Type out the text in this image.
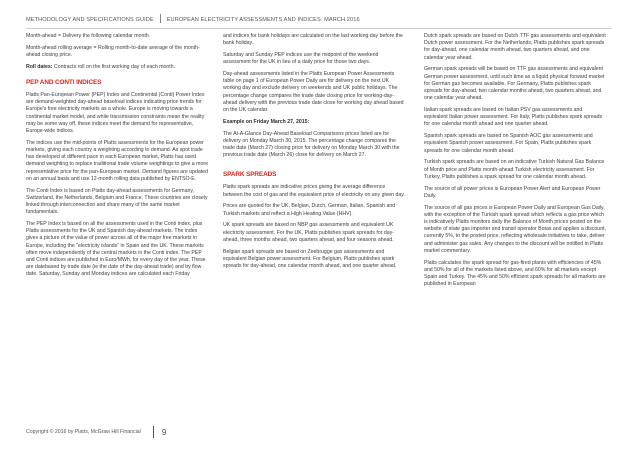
METHODOLOGY AND SPECIFICATIONS GUIDE EUROPEAN ELECTRICITY ASSESSMENTS AND INDICES: MARCH 2016

Month-ahead = Delivery the following calendar month.

Month-ahead rolling average = Rolling month-to-date average of the month-ahead closing price.

Roll dates: Contracts roll on the first working day of each month.

PEP AND CONTI INDICES

Platts Pan-European Power (PEP) Index and Continental (Conti) Power Index are demand-weighted day-ahead baseload indices indicating price trends for Europe's free electricity markets as a whole. Europe is moving towards a continental market model, and while transmission constraints mean the reality may be some way off, these indices meet the demand for representative, Europe-wide indices.

The indices use the mid-points of Platts assessments for the European power markets, giving each country a weighting according to demand. As spot trade has developed at different pace in each European market, Platts has used demand weighting to replace traditional trade volume weightings to give a more representative price for the pan-European market. Demand figures are updated on an annual basis and use 12-month rolling data published by ENTSO-E.

The Conti Index is based on Platts day-ahead assessments for Germany, Switzerland, the Netherlands, Belgium and France. These countries are closely linked through interconnection and share many of the same market fundamentals.

The PEP Index is based on all the assessments used in the Conti index, plus Platts assessments for the UK and Spanish day-ahead markets. The index gives a picture of the value of power across all of the major free markets in Europe, including the "electricity islands" in Spain and the UK. These markets often move independently of the central markets in the Conti index. The PEP and Conti indices are published in Euro/MWh, for every day of the year. These are datebased by trade date (ie the date of the day-ahead trade) and by flow date. Saturday, Sunday and Monday indices are calculated each Friday

and indices for bank holidays are calculated on the last working day before the bank holiday.

Saturday and Sunday PEP indices use the midpoint of the weekend assessment for the UK in lieu of a daily price for those two days.

Day-ahead assessments listed in the Platts European Power Assessments table on page 1 of European Power Daily are for delivery on the next UK working day and exclude delivery on weekends and UK public holidays. The percentage change compares the trade date closing price for working-day-ahead delivery with the previous trade date close for working day ahead based on the UK calendar.

Example on Friday March 27, 2015:

The At-A-Glance Day-Ahead Baseload Comparisons prices listed are for delivery on Monday March 30, 2015. The percentage change compares the trade date (March 27) closing price for delivery on Monday March 30 with the previous trade date (March 26) close for delivery on March 27.

SPARK SPREADS

Platts spark spreads are indicative prices giving the average difference between the cost of gas and the equivalent price of electricity on any given day.

Prices are quoted for the UK, Belgian, Dutch, German, Italian, Spanish and Turkish markets and reflect a High Heating Value (HHV).

UK spark spreads are based on NBP gas assessments and equivalent UK electricity assessment. For the UK, Platts publishes spark spreads for day-ahead, three months ahead, two quarters ahead, and four seasons ahead.

Belgian spark spreads are based on Zeebrugge gas assessments and equivalent Belgian power assessment. For Belgium, Platts publishes spark spreads for day-ahead, one calendar month ahead, and one quarter ahead.

Dutch spark spreads are based on Dutch TTF gas assessments and equivalent Dutch power assessment. For the Netherlands, Platts publishes spark spreads for day-ahead, one calendar month ahead, two quarters ahead, and one calendar year ahead.

German spark spreads will be based on TTF gas assessments and equivalent German power assessment, until such time as a liquid physical forward market for German gas becomes available. For Germany, Platts publishes spark spreads for day-ahead, two calendar months ahead, two quarters ahead, and one calendar year ahead.

Italian spark spreads are based on Italian PSV gas assessments and equivalent Italian power assessment. For Italy, Platts publishes spark spreads for one calendar month ahead and one quarter ahead.

Spanish spark spreads are based on Spanish AOC gas assessments and equivalent Spanish power assessment. For Spain, Platts publishes spark spreads for one calendar month ahead.

Turkish spark spreads are based on an indicative Turkish Natural Gas Balance of Month price and Platts month-ahead Turkish electricity assessment. For Turkey, Platts publishes a spark spread for one calendar month ahead.

The source of all power prices is European Power Alert and European Power Daily.

The source of all gas prices is European Power Daily and European Gas Daily, with the exception of the Turkish spark spread which reflects a gas price which is indicatively Platts monitors daily the Balance of Month prices posted on the website of state gas importer and transit operator Botas and applies a discount, currently 5%, to the posted price, reflecting wholesale initiatives to take, deliver and administer gas sales. Any changes to the discount will be notified in Platts market commentary.

Platts calculates the spark spread for gas-fired plants with efficiencies of 45% and 50% for all of the markets listed above, and 60% for all markets except Spain and Turkey. The 45% and 50% efficient spark spreads for all markets are published in European

Copyright © 2016 by Platts, McGraw Hill Financial	9
